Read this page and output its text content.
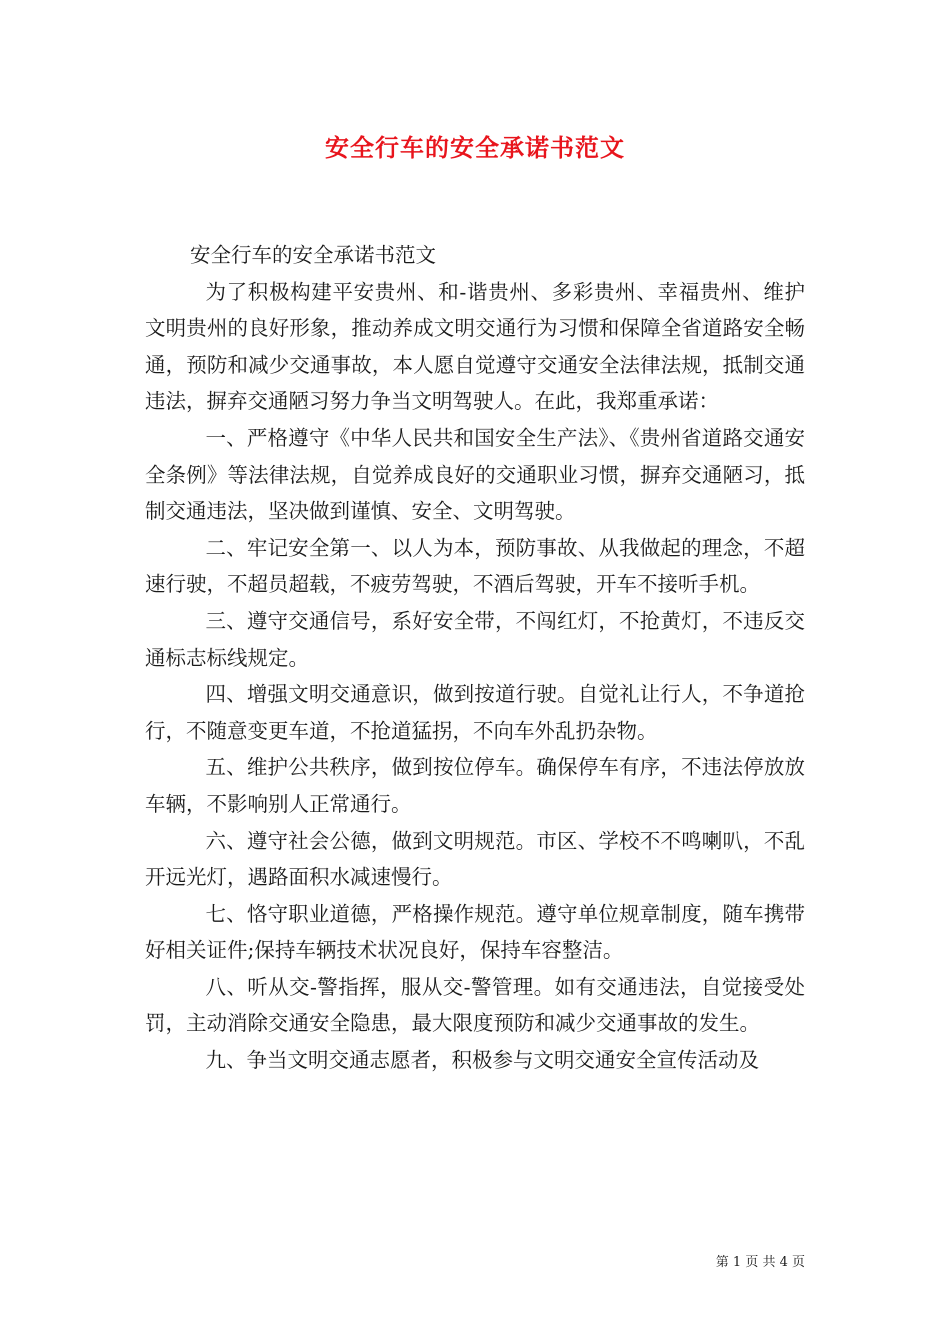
安全行车的安全承诺书范文

安全行车的安全承诺书范文

为了积极构建平安贵州、和-谐贵州、多彩贵州、幸福贵州、维护文明贵州的良好形象，推动养成文明交通行为习惯和保障全省道路安全畅通，预防和减少交通事故，本人愿自觉遵守交通安全法律法规，抵制交通违法，摒弃交通陋习努力争当文明驾驶人。在此，我郑重承诺：

一、严格遵守《中华人民共和国安全生产法》、《贵州省道路交通安全条例》等法律法规，自觉养成良好的交通职业习惯，摒弃交通陋习，抵制交通违法，坚决做到谨慎、安全、文明驾驶。

二、牢记安全第一、以人为本，预防事故、从我做起的理念，不超速行驶，不超员超载，不疲劳驾驶，不酒后驾驶，开车不接听手机。

三、遵守交通信号，系好安全带，不闯红灯，不抢黄灯，不违反交通标志标线规定。

四、增强文明交通意识，做到按道行驶。自觉礼让行人，不争道抢行，不随意变更车道，不抢道猛拐，不向车外乱扔杂物。

五、维护公共秩序，做到按位停车。确保停车有序，不违法停放放车辆，不影响别人正常通行。

六、遵守社会公德，做到文明规范。市区、学校不不鸣喇叭，不乱开远光灯，遇路面积水减速慢行。

七、恪守职业道德，严格操作规范。遵守单位规章制度，随车携带好相关证件;保持车辆技术状况良好，保持车容整洁。

八、听从交-警指挥，服从交-警管理。如有交通违法，自觉接受处罚，主动消除交通安全隐患，最大限度预防和减少交通事故的发生。

九、争当文明交通志愿者，积极参与文明交通安全宣传活动及

第 1 页 共 4 页
